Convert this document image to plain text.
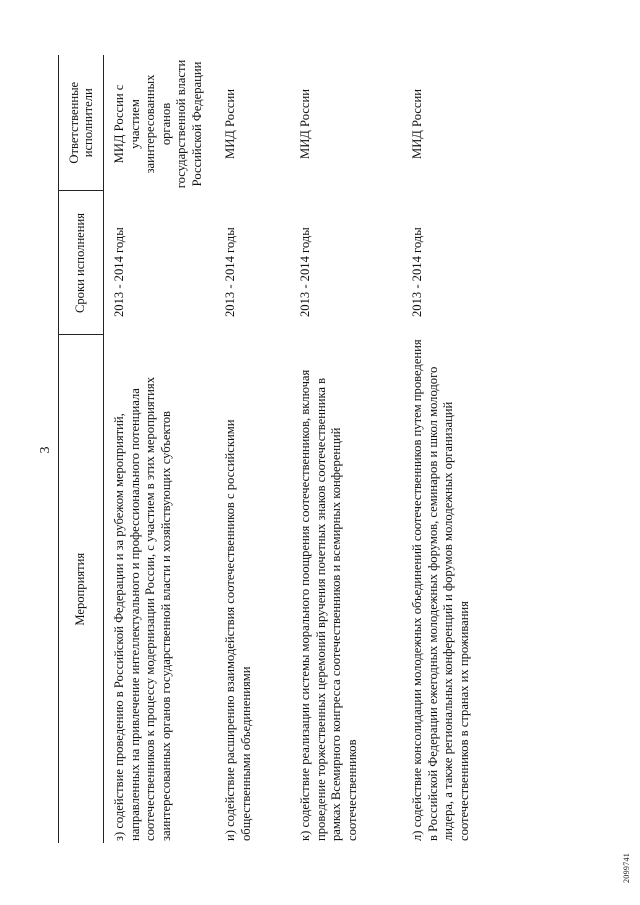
3
Мероприятия	Сроки исполнения	Ответственные исполнители
з) содействие проведению в Российской Федерации и за рубежом мероприятий, направленных на привлечение интеллектуального и профессионального потенциала соотечественников к процессу модернизации России, с участием в этих мероприятиях заинтересованных органов государственной власти и хозяйствующих субъектов	2013 - 2014 годы	МИД России с участием заинтересованных органов государственной власти Российской Федерации
и) содействие расширению взаимодействия соотечественников с российскими общественными объединениями	2013 - 2014 годы	МИД России
к) содействие реализации системы морального поощрения соотечественников, включая проведение торжественных церемоний вручения почетных знаков соотечественника в рамках Всемирного конгресса соотечественников и всемирных конференций соотечественников	2013 - 2014 годы	МИД России
л) содействие консолидации молодежных объединений соотечественников путем проведения в Российской Федерации ежегодных молодежных форумов, семинаров и школ молодого лидера, а также региональных конференций и форумов молодежных организаций соотечественников в странах их проживания	2013 - 2014 годы	МИД России
2099741
